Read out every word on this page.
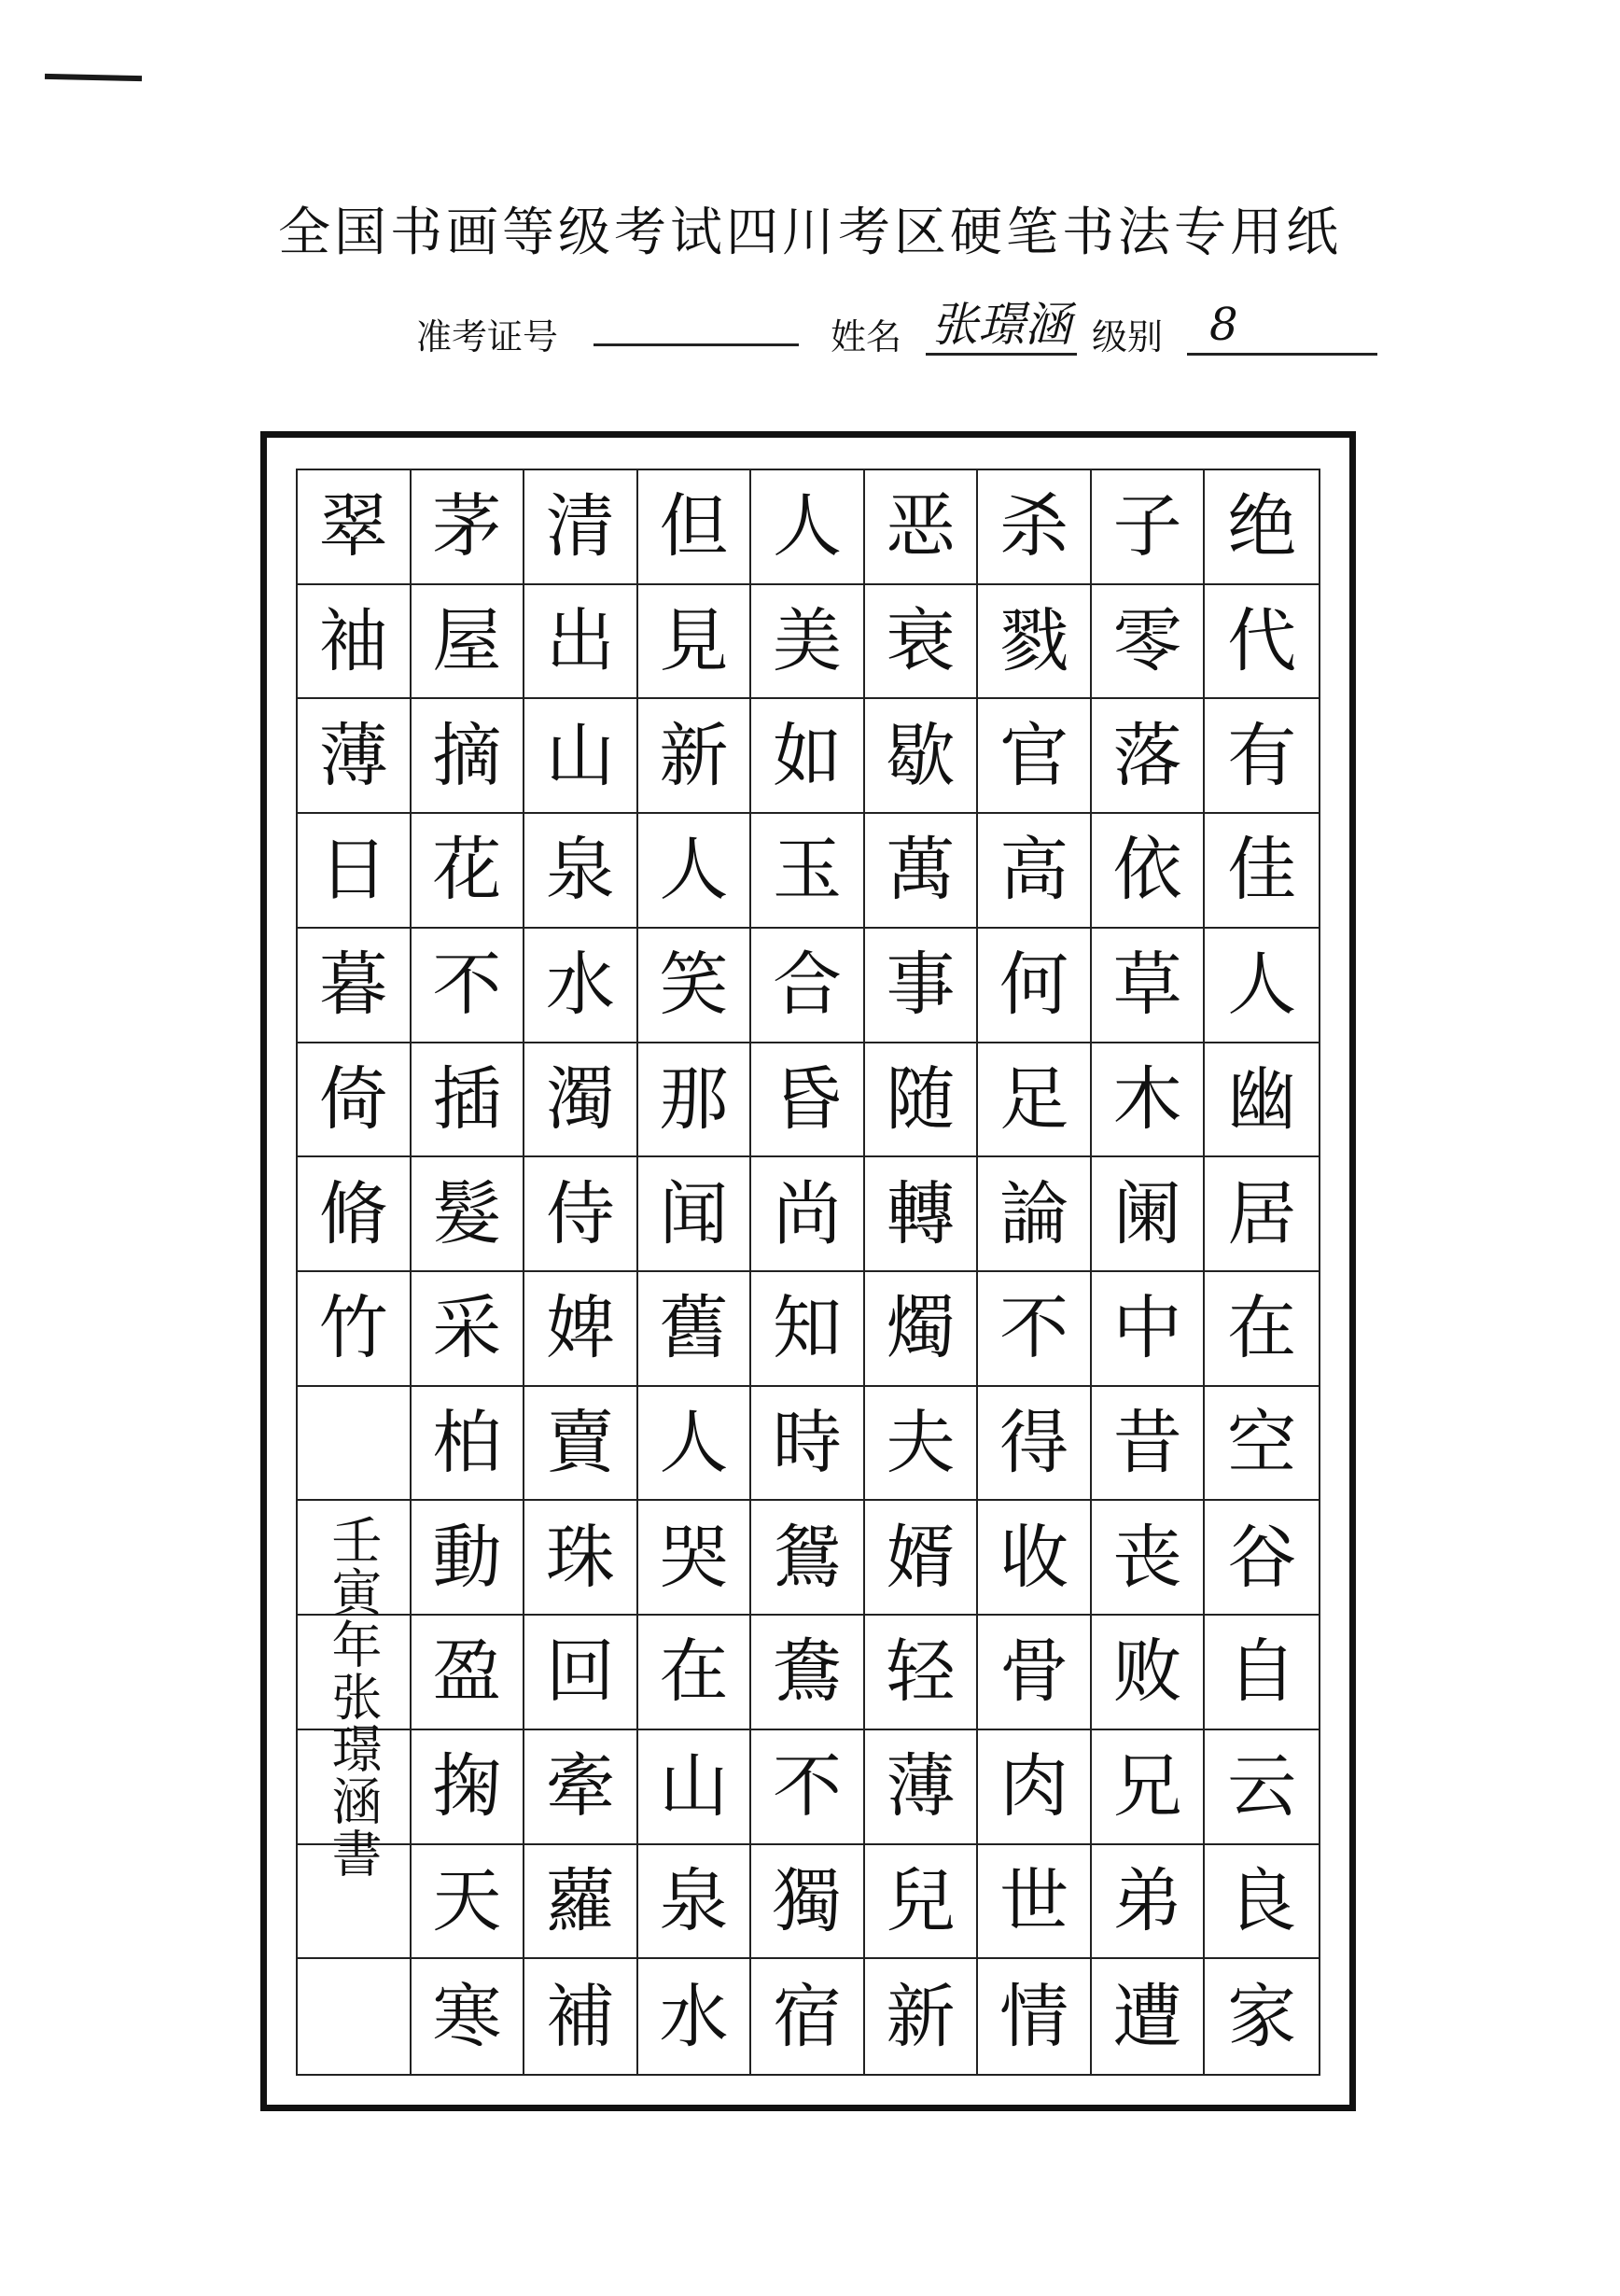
全国书画等级考试四川考区硬笔书法专用纸
准考证号	姓名 张璟涵 级别	8
翠 茅 清 但 人 恶 杀 子 绝
袖 屋 出 見 美 衰 戮 零 代
薄 摘 山 新 如 歇 官 落 有
日 花 泉 人 玉 萬 高 依 佳
暮 不 水 笑 合 事 何 草 人
倚 插 濁 那 昏 随 足 木 幽
脩 髮 侍 闻 尚 轉 論 阑 居
竹 采 婢 舊 知 燭 不 中 在
柏 賣 人 時 夫 得 昔 空
動 珠 哭 鴛 婿 收 丧 谷
盈 回 在 鴦 轻 骨 败 自
掬 牽 山 不 薄 肉 兄 云
天 蘿 泉 獨 兒 世 弟 良
寒 補 水 宿 新 情 遭 家
壬寅年张璟涵書
